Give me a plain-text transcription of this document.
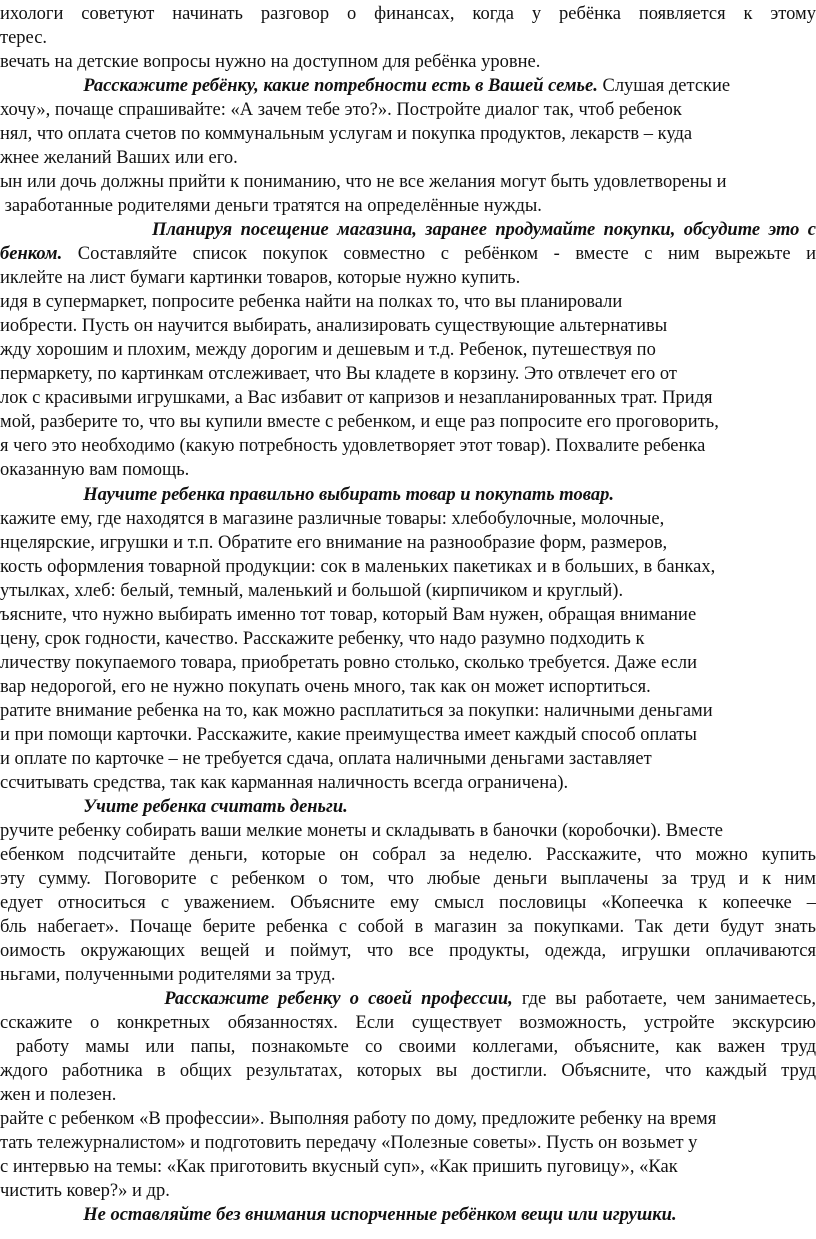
ихологи советуют начинать разговор о финансах, когда у ребёнка появляется к этому
терес.
вечать на детские вопросы нужно на доступном для ребёнка уровне.
Расскажите ребёнку, какие потребности есть в Вашей семье. Слушая детские
хочу», почаще спрашивайте: «А зачем тебе это?». Постройте диалог так, чтоб ребенок
нял, что оплата счетов по коммунальным услугам и покупка продуктов, лекарств – куда
жнее желаний Ваших или его.
ын или дочь должны прийти к пониманию, что не все желания могут быть удовлетворены и
заработанные родителями деньги тратятся на определённые нужды.
Планируя посещение магазина, заранее продумайте покупки, обсудите это с
бенком. Составляйте список покупок совместно с ребёнком - вместе с ним вырежьте и
иклейте на лист бумаги картинки товаров, которые нужно купить.
идя в супермаркет, попросите ребенка найти на полках то, что вы планировали
иобрести. Пусть он научится выбирать, анализировать существующие альтернативы
жду хорошим и плохим, между дорогим и дешевым и т.д. Ребенок, путешествуя по
пермаркету, по картинкам отслеживает, что Вы кладете в корзину. Это отвлечет его от
лок с красивыми игрушками, а Вас избавит от капризов и незапланированных трат. Придя
мой, разберите то, что вы купили вместе с ребенком, и еще раз попросите его проговорить,
я чего это необходимо (какую потребность удовлетворяет этот товар). Похвалите ребенка
оказанную вам помощь.
Научите ребенка правильно выбирать товар и покупать товар.
кажите ему, где находятся в магазине различные товары: хлебобулочные, молочные,
нцелярские, игрушки и т.п. Обратите его внимание на разнообразие форм, размеров,
кость оформления товарной продукции: сок в маленьких пакетиках и в больших, в банках,
утылках, хлеб: белый, темный, маленький и большой (кирпичиком и круглый).
ъясните, что нужно выбирать именно тот товар, который Вам нужен, обращая внимание
цену, срок годности, качество. Расскажите ребенку, что надо разумно подходить к
личеству покупаемого товара, приобретать ровно столько, сколько требуется. Даже если
вар недорогой, его не нужно покупать очень много, так как он может испортиться.
ратите внимание ребенка на то, как можно расплатиться за покупки: наличными деньгами
и при помощи карточки. Расскажите, какие преимущества имеет каждый способ оплаты
и оплате по карточке – не требуется сдача, оплата наличными деньгами заставляет
ссчитывать средства, так как карманная наличность всегда ограничена).
Учите ребенка считать деньги.
ручите ребенку собирать ваши мелкие монеты и складывать в баночки (коробочки). Вместе
ебенком подсчитайте деньги, которые он собрал за неделю. Расскажите, что можно купить
эту сумму. Поговорите с ребенком о том, что любые деньги выплачены за труд и к ним
едует относиться с уважением. Объясните ему смысл пословицы «Копеечка к копеечке –
бль набегает». Почаще берите ребенка с собой в магазин за покупками. Так дети будут знать
оимость окружающих вещей и поймут, что все продукты, одежда, игрушки оплачиваются
ньгами, полученными родителями за труд.
Расскажите ребенку о своей профессии, где вы работаете, чем занимаетесь,
сскажите о конкретных обязанностях. Если существует возможность, устройте экскурсию
работу мамы или папы, познакомьте со своими коллегами, объясните, как важен труд
ждого работника в общих результатах, которых вы достигли. Объясните, что каждый труд
жен и полезен.
райте с ребенком «В профессии». Выполняя работу по дому, предложите ребенку на время
тать тележурналистом» и подготовить передачу «Полезные советы». Пусть он возьмет у
с интервью на темы: «Как приготовить вкусный суп», «Как пришить пуговицу», «Как
чистить ковер?» и др.
Не оставляйте без внимания испорченные ребёнком вещи или игрушки.
